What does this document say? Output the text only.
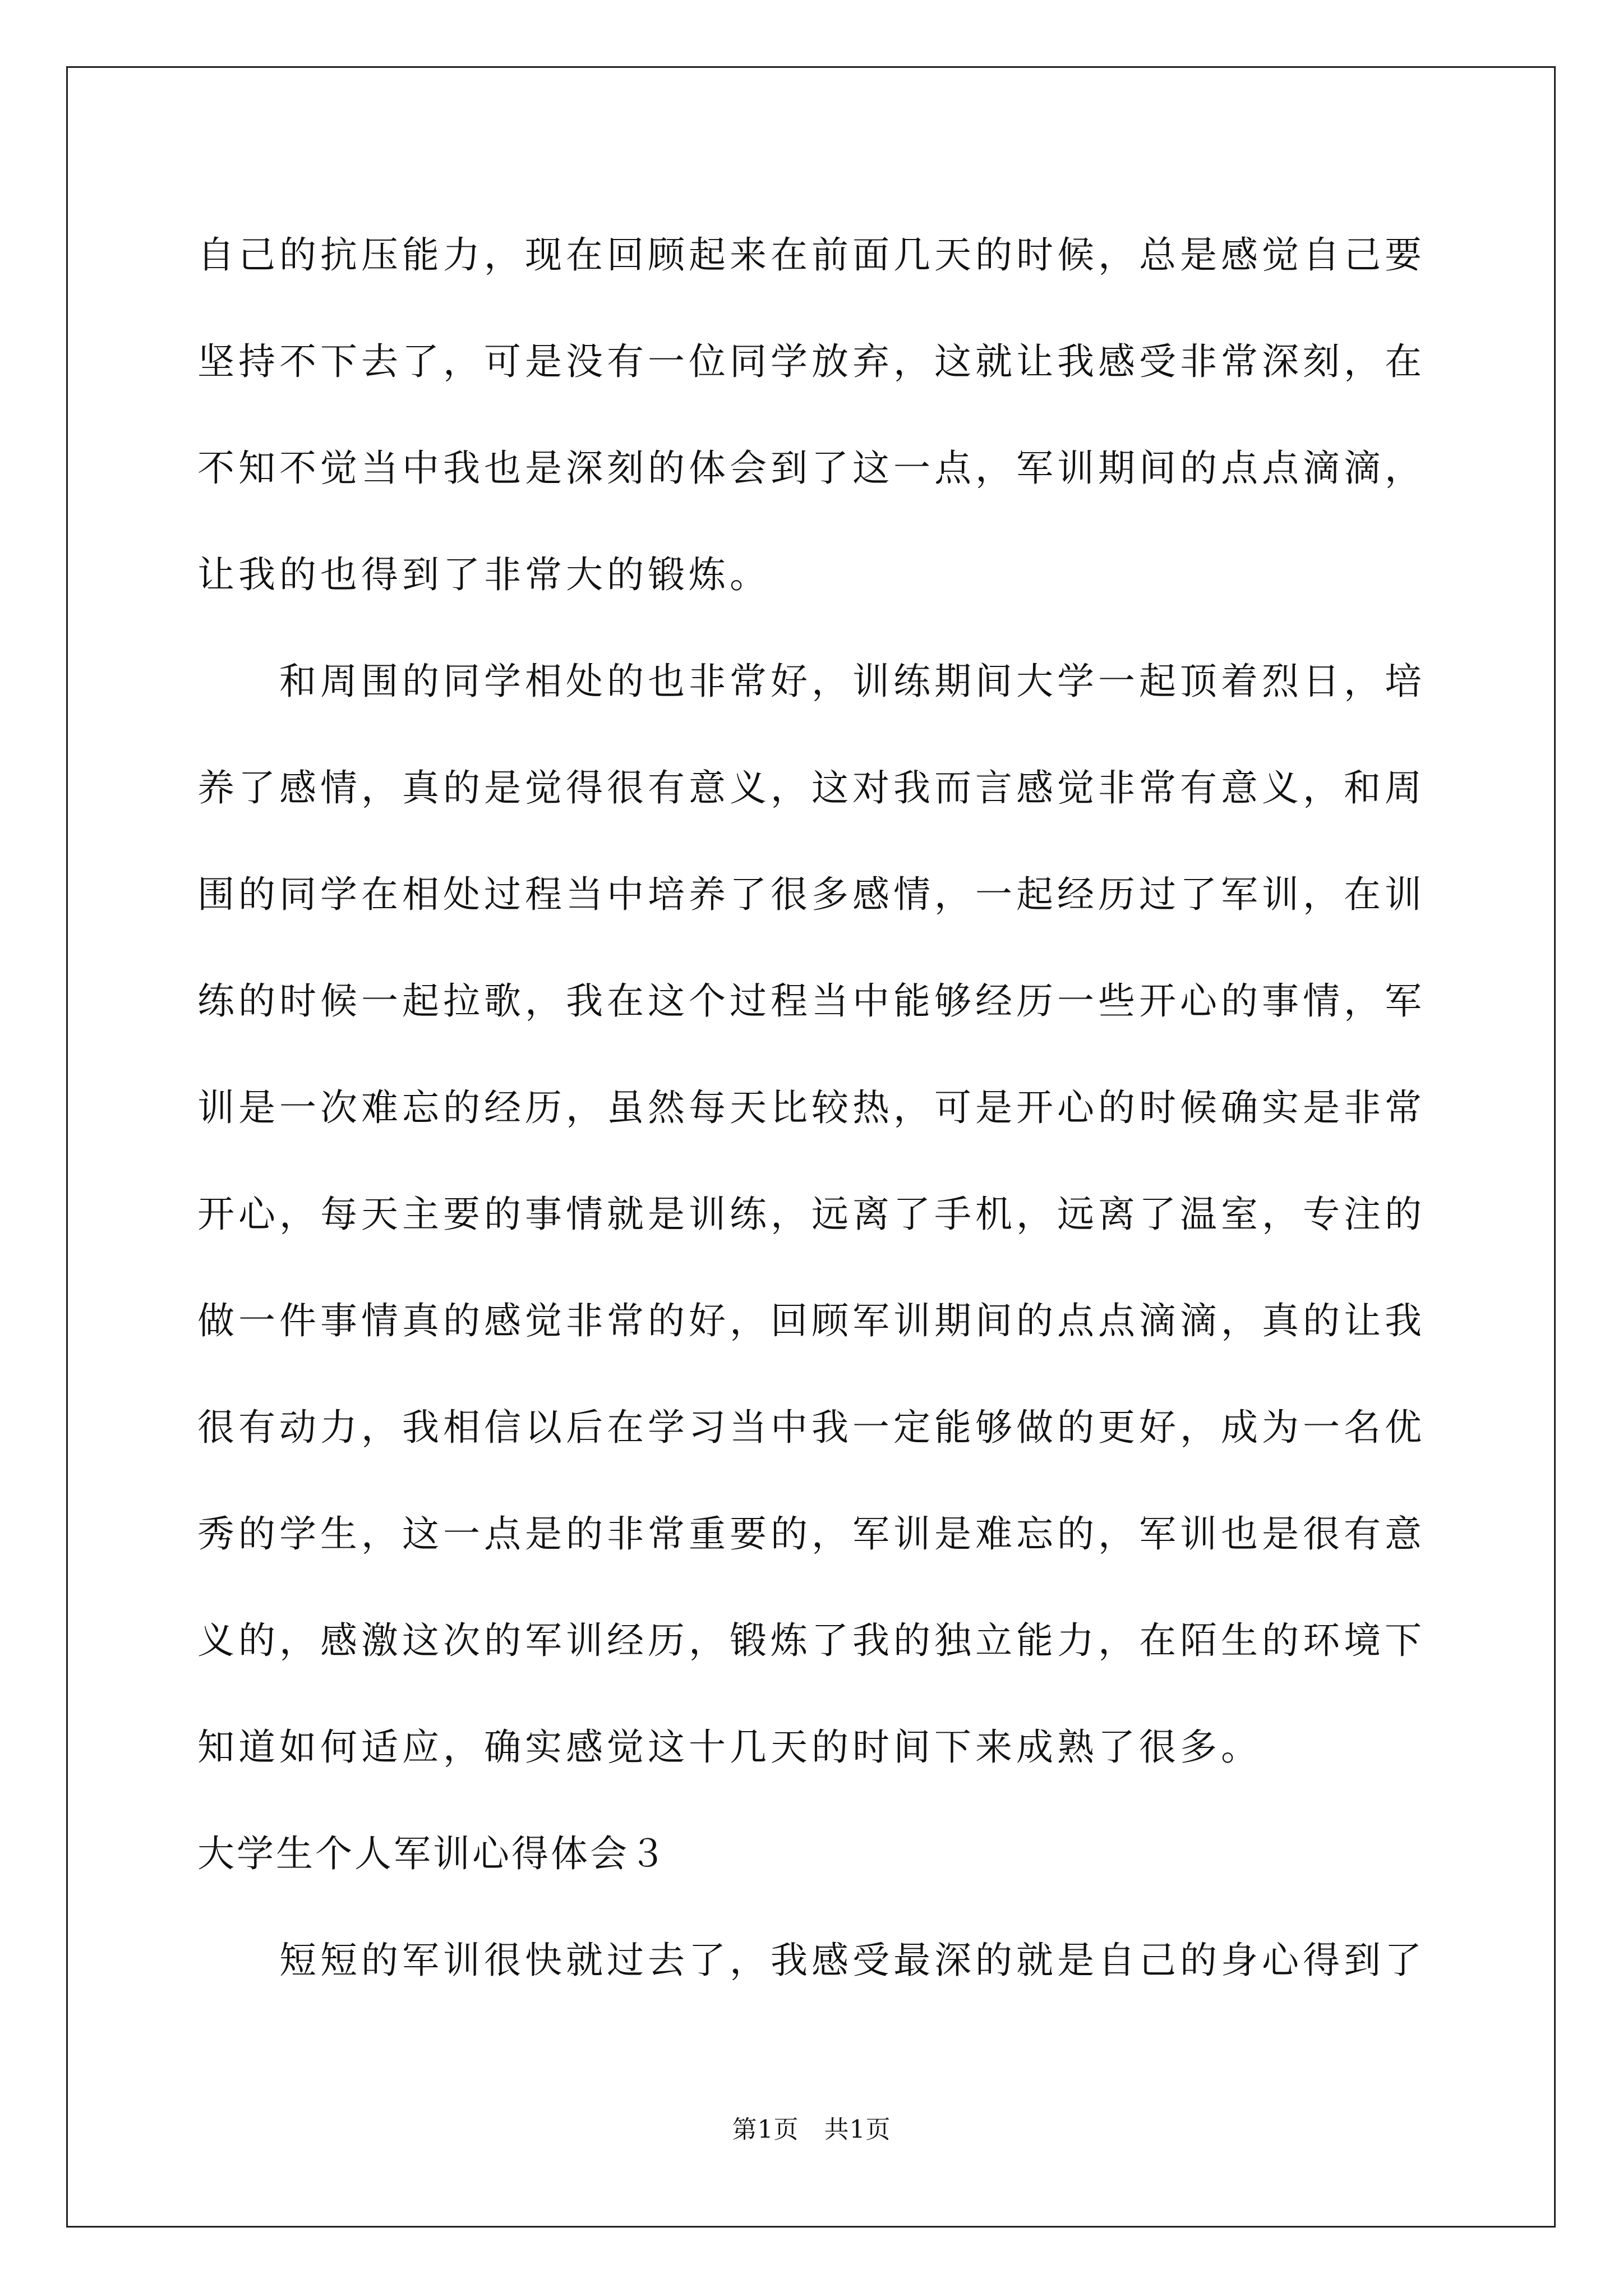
自己的抗压能力，现在回顾起来在前面几天的时候，总是感觉自己要
坚持不下去了，可是没有一位同学放弃，这就让我感受非常深刻，在
不知不觉当中我也是深刻的体会到了这一点，军训期间的点点滴滴，
让我的也得到了非常大的锻炼。
　　和周围的同学相处的也非常好，训练期间大学一起顶着烈日，培
养了感情，真的是觉得很有意义，这对我而言感觉非常有意义，和周
围的同学在相处过程当中培养了很多感情，一起经历过了军训，在训
练的时候一起拉歌，我在这个过程当中能够经历一些开心的事情，军
训是一次难忘的经历，虽然每天比较热，可是开心的时候确实是非常
开心，每天主要的事情就是训练，远离了手机，远离了温室，专注的
做一件事情真的感觉非常的好，回顾军训期间的点点滴滴，真的让我
很有动力，我相信以后在学习当中我一定能够做的更好，成为一名优
秀的学生，这一点是的非常重要的，军训是难忘的，军训也是很有意
义的，感激这次的军训经历，锻炼了我的独立能力，在陌生的环境下
知道如何适应，确实感觉这十几天的时间下来成熟了很多。
大学生个人军训心得体会３
　　短短的军训很快就过去了，我感受最深的就是自己的身心得到了
第1页　共1页
